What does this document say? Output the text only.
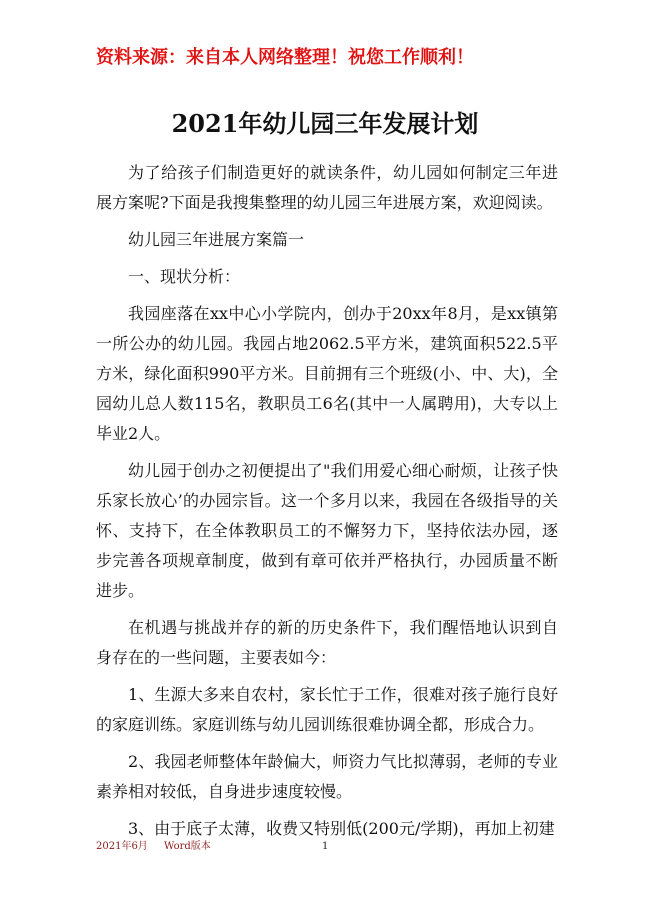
资料来源：来自本人网络整理！祝您工作顺利！
2021年幼儿园三年发展计划

为了给孩子们制造更好的就读条件，幼儿园如何制定三年进展方案呢?下面是我搜集整理的幼儿园三年进展方案，欢迎阅读。

幼儿园三年进展方案篇一

一、现状分析：

我园座落在xx中心小学院内，创办于20xx年8月，是xx镇第一所公办的幼儿园。我园占地2062.5平方米，建筑面积522.5平方米，绿化面积990平方米。目前拥有三个班级(小、中、大)，全园幼儿总人数115名，教职员工6名(其中一人属聘用)，大专以上毕业2人。

幼儿园于创办之初便提出了"我们用爱心细心耐烦，让孩子快乐家长放心’的办园宗旨。这一个多月以来，我园在各级指导的关怀、支持下，在全体教职员工的不懈努力下，坚持依法办园，逐步完善各项规章制度，做到有章可依并严格执行，办园质量不断进步。

在机遇与挑战并存的新的历史条件下，我们醒悟地认识到自身存在的一些问题，主要表如今：

1、生源大多来自农村，家长忙于工作，很难对孩子施行良好的家庭训练。家庭训练与幼儿园训练很难协调全都，形成合力。

2、我园老师整体年龄偏大，师资力气比拟薄弱，老师的专业素养相对较低，自身进步速度较慢。

3、由于底子太薄，收费又特别低(200元/学期)，再加上初建

2021年6月 Word版本	1
